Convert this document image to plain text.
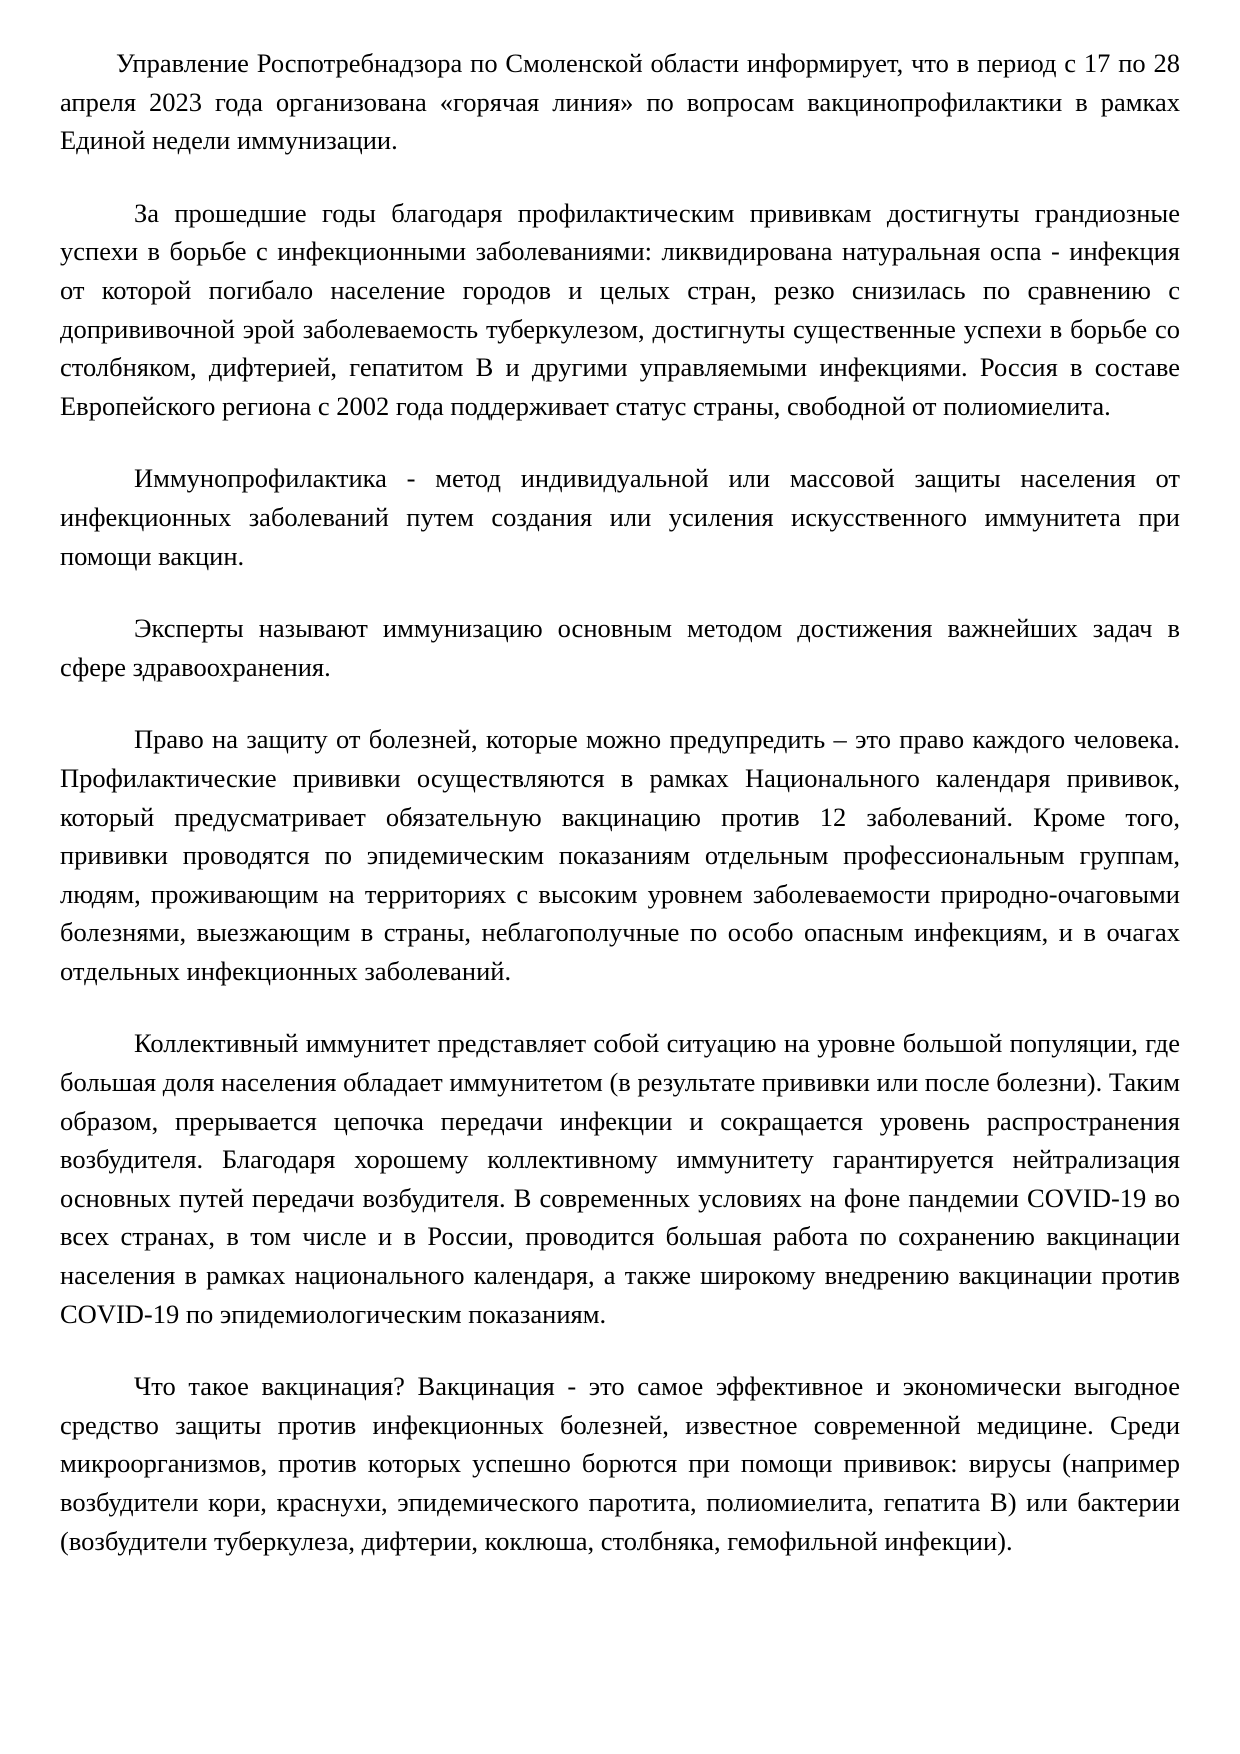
Управление Роспотребнадзора по Смоленской области информирует, что в период с 17 по 28 апреля 2023 года организована «горячая линия» по вопросам вакцинопрофилактики в рамках Единой недели иммунизации.

За прошедшие годы благодаря профилактическим прививкам достигнуты грандиозные успехи в борьбе с инфекционными заболеваниями: ликвидирована натуральная оспа - инфекция от которой погибало население городов и целых стран, резко снизилась по сравнению с допрививочной эрой заболеваемость туберкулезом, достигнуты существенные успехи в борьбе со столбняком, дифтерией, гепатитом В и другими управляемыми инфекциями. Россия в составе Европейского региона с 2002 года поддерживает статус страны, свободной от полиомиелита.

Иммунопрофилактика - метод индивидуальной или массовой защиты населения от инфекционных заболеваний путем создания или усиления искусственного иммунитета при помощи вакцин.

Эксперты называют иммунизацию основным методом достижения важнейших задач в сфере здравоохранения.

Право на защиту от болезней, которые можно предупредить – это право каждого человека. Профилактические прививки осуществляются в рамках Национального календаря прививок, который предусматривает обязательную вакцинацию против 12 заболеваний. Кроме того, прививки проводятся по эпидемическим показаниям отдельным профессиональным группам, людям, проживающим на территориях с высоким уровнем заболеваемости природно-очаговыми болезнями, выезжающим в страны, неблагополучные по особо опасным инфекциям, и в очагах отдельных инфекционных заболеваний.

Коллективный иммунитет представляет собой ситуацию на уровне большой популяции, где большая доля населения обладает иммунитетом (в результате прививки или после болезни). Таким образом, прерывается цепочка передачи инфекции и сокращается уровень распространения возбудителя. Благодаря хорошему коллективному иммунитету гарантируется нейтрализация основных путей передачи возбудителя. В современных условиях на фоне пандемии COVID-19 во всех странах, в том числе и в России, проводится большая работа по сохранению вакцинации населения в рамках национального календаря, а также широкому внедрению вакцинации против COVID-19 по эпидемиологическим показаниям.

Что такое вакцинация? Вакцинация - это самое эффективное и экономически выгодное средство защиты против инфекционных болезней, известное современной медицине. Среди микроорганизмов, против которых успешно борются при помощи прививок: вирусы (например возбудители кори, краснухи, эпидемического паротита, полиомиелита, гепатита В) или бактерии (возбудители туберкулеза, дифтерии, коклюша, столбняка, гемофильной инфекции).
